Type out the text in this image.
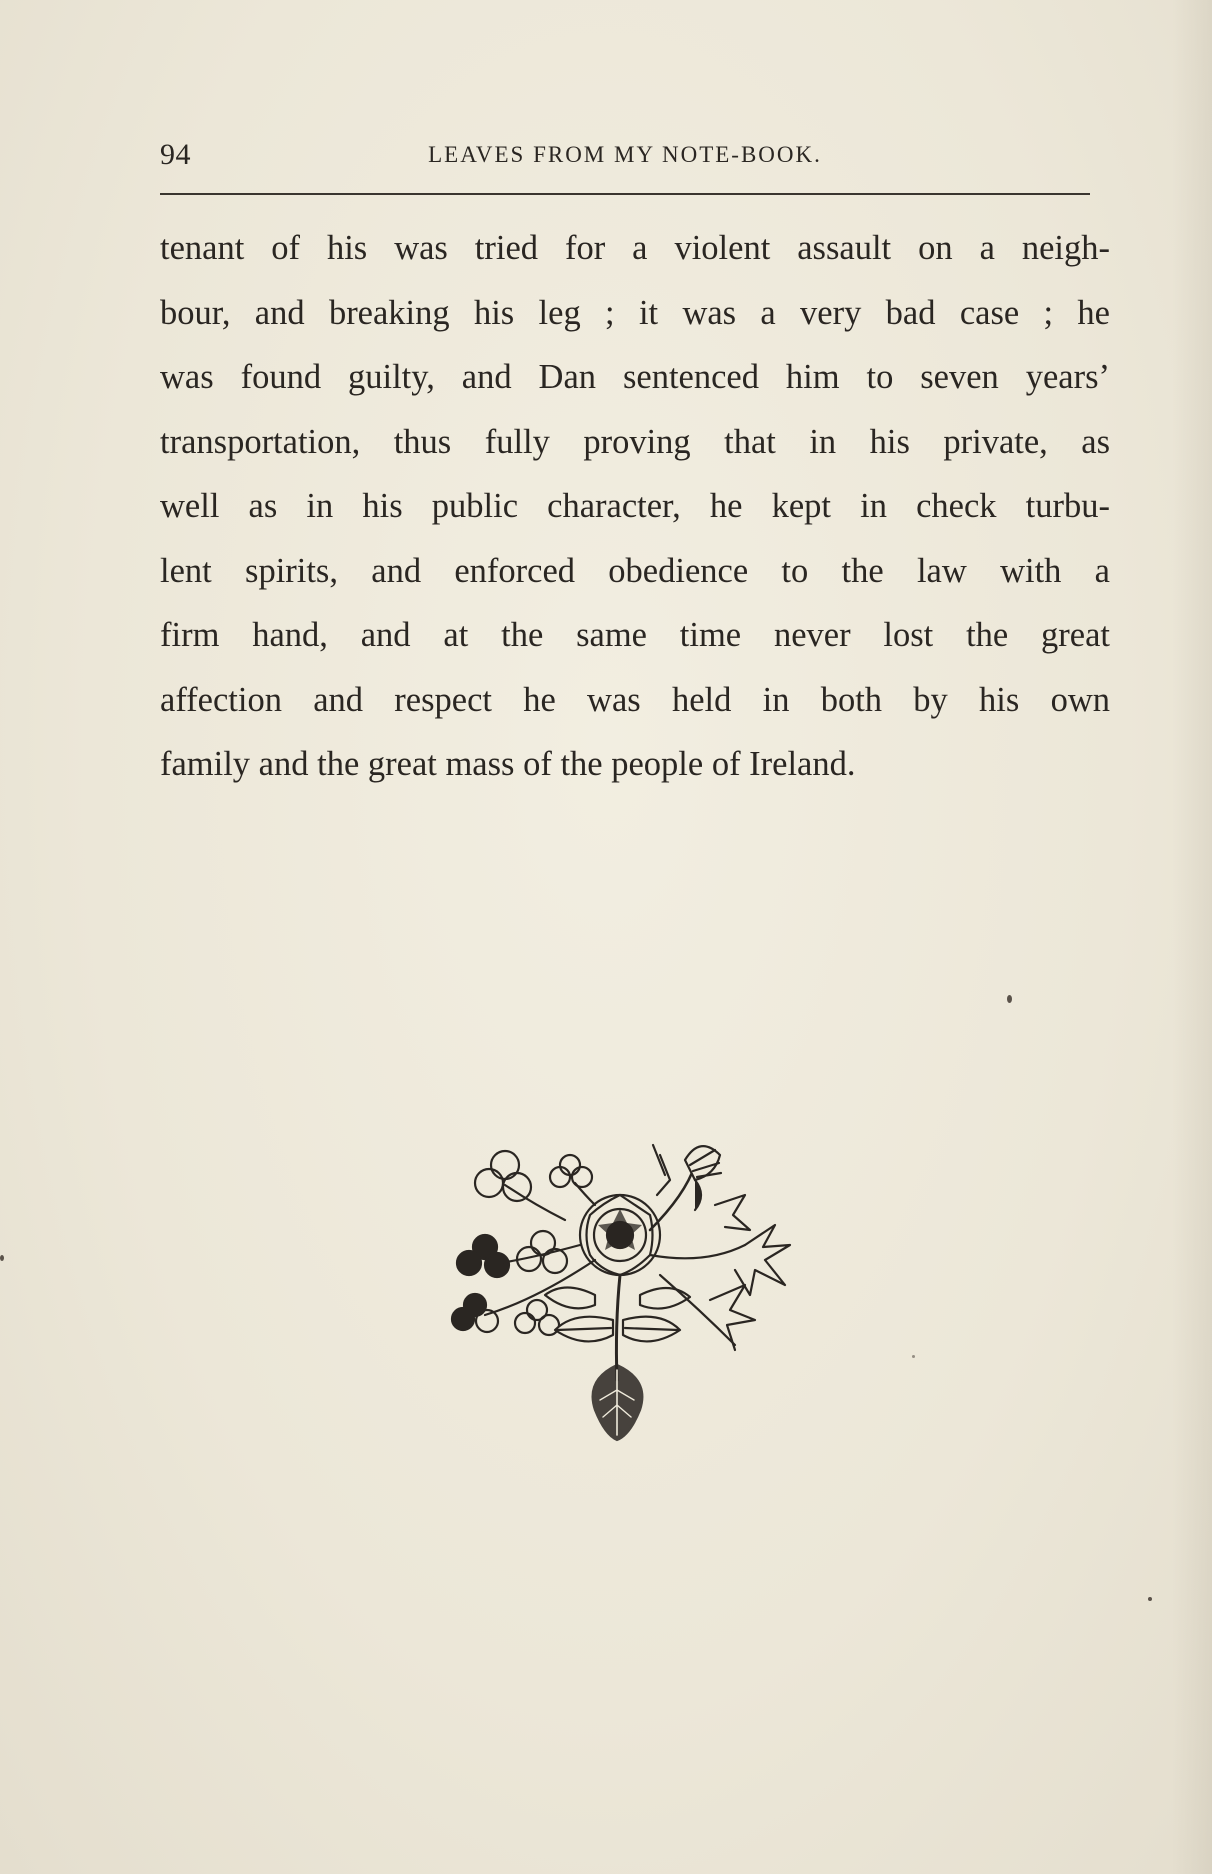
94	LEAVES FROM MY NOTE-BOOK.
tenant of his was tried for a violent assault on a neigh-
bour, and breaking his leg ; it was a very bad case ; he
was found guilty, and Dan sentenced him to seven years’
transportation, thus fully proving that in his private, as
well as in his public character, he kept in check turbu-
lent spirits, and enforced obedience to the law with a
firm hand, and at the same time never lost the great
affection and respect he was held in both by his own
family and the great mass of the people of Ireland.
